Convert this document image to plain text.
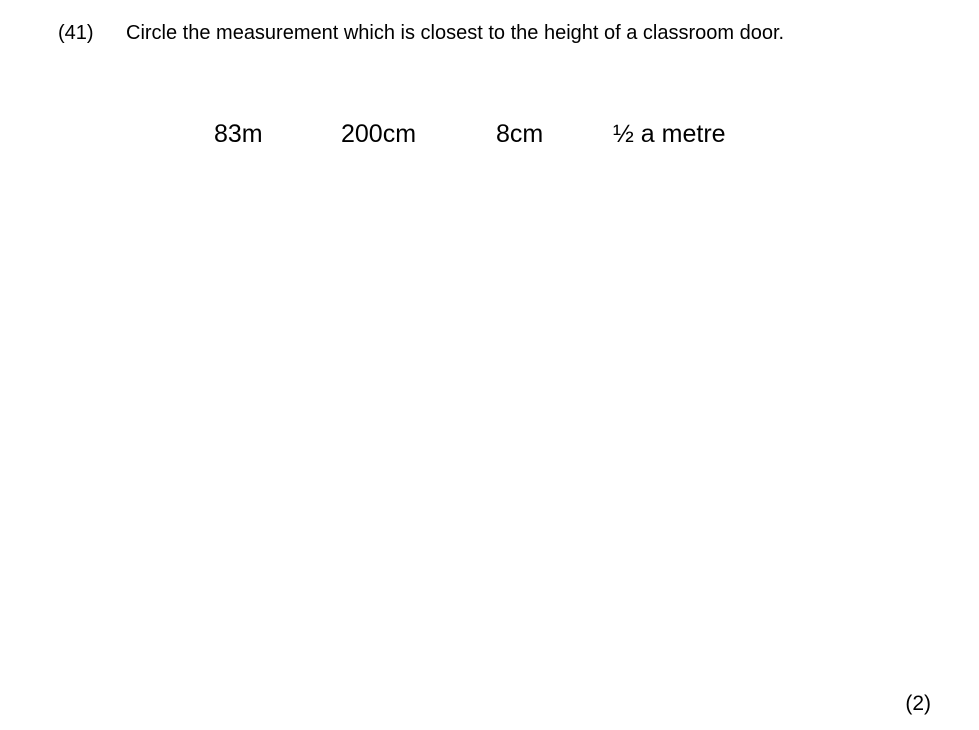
(41) Circle the measurement which is closest to the height of a classroom door.
83m	200cm	8cm	½ a metre
(2)
